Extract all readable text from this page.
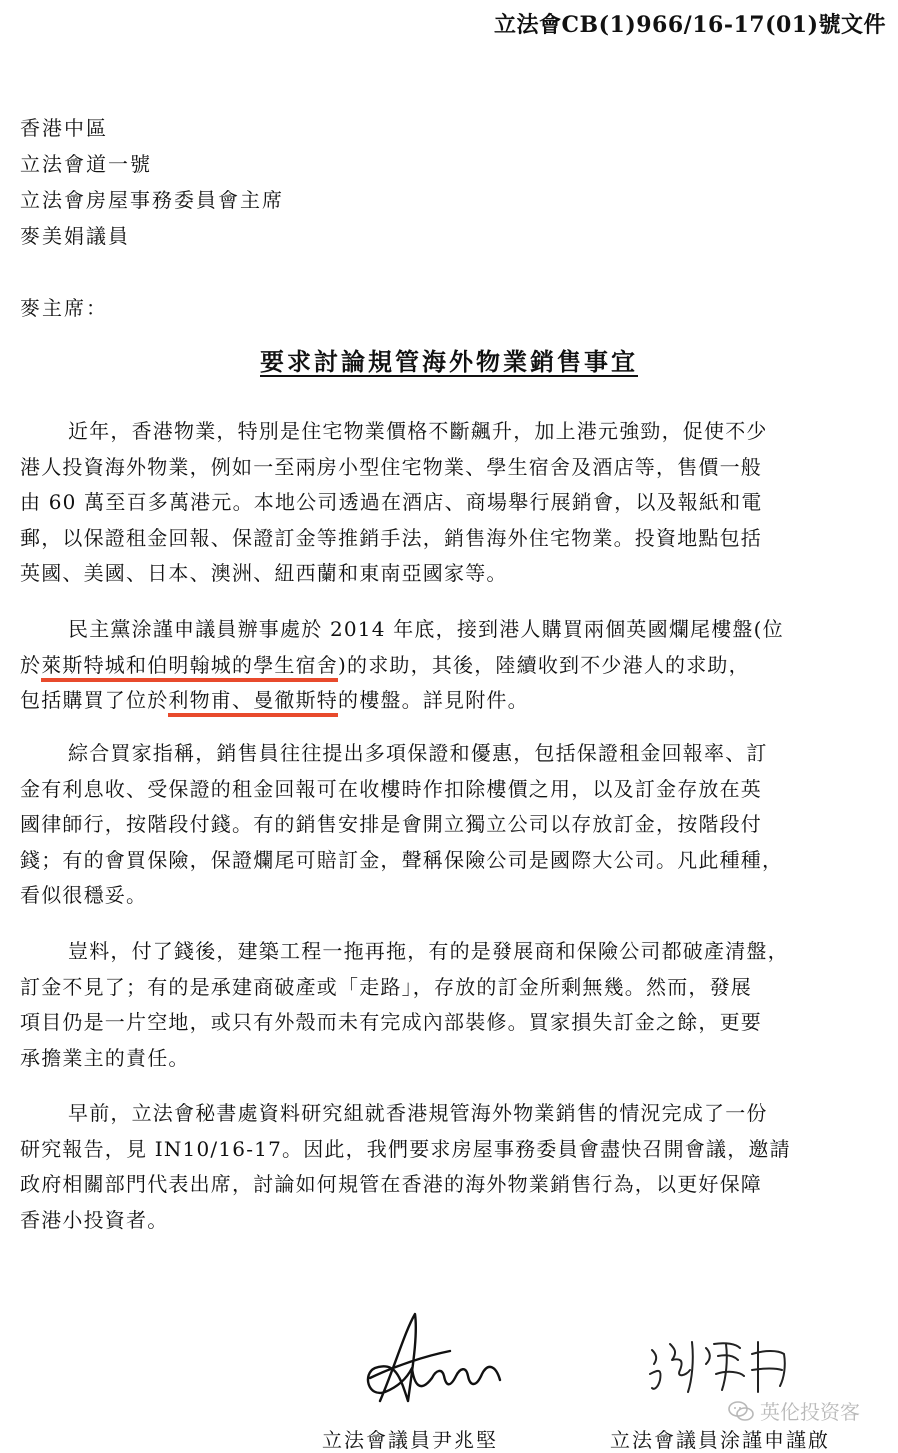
立法會CB(1)966/16-17(01)號文件
香港中區
立法會道一號
立法會房屋事務委員會主席
麥美娟議員
麥主席：
要求討論規管海外物業銷售事宜
近年，香港物業，特別是住宅物業價格不斷飆升，加上港元強勁，促使不少
港人投資海外物業，例如一至兩房小型住宅物業、學生宿舍及酒店等，售價一般
由 60 萬至百多萬港元。本地公司透過在酒店、商場舉行展銷會，以及報紙和電
郵，以保證租金回報、保證訂金等推銷手法，銷售海外住宅物業。投資地點包括
英國、美國、日本、澳洲、紐西蘭和東南亞國家等。
民主黨涂謹申議員辦事處於 2014 年底，接到港人購買兩個英國爛尾樓盤(位
於萊斯特城和伯明翰城的學生宿舍)的求助，其後，陸續收到不少港人的求助，
包括購買了位於利物甫、曼徹斯特的樓盤。詳見附件。
綜合買家指稱，銷售員往往提出多項保證和優惠，包括保證租金回報率、訂
金有利息收、受保證的租金回報可在收樓時作扣除樓價之用，以及訂金存放在英
國律師行，按階段付錢。有的銷售安排是會開立獨立公司以存放訂金，按階段付
錢；有的會買保險，保證爛尾可賠訂金，聲稱保險公司是國際大公司。凡此種種，
看似很穩妥。
豈料，付了錢後，建築工程一拖再拖，有的是發展商和保險公司都破產清盤，
訂金不見了；有的是承建商破產或「走路」，存放的訂金所剩無幾。然而，發展
項目仍是一片空地，或只有外殼而未有完成內部裝修。買家損失訂金之餘，更要
承擔業主的責任。
早前，立法會秘書處資料研究組就香港規管海外物業銷售的情況完成了一份
研究報告，見 IN10/16-17。因此，我們要求房屋事務委員會盡快召開會議，邀請
政府相關部門代表出席，討論如何規管在香港的海外物業銷售行為，以更好保障
香港小投資者。
立法會議員尹兆堅	立法會議員涂謹申謹啟
英伦投资客
